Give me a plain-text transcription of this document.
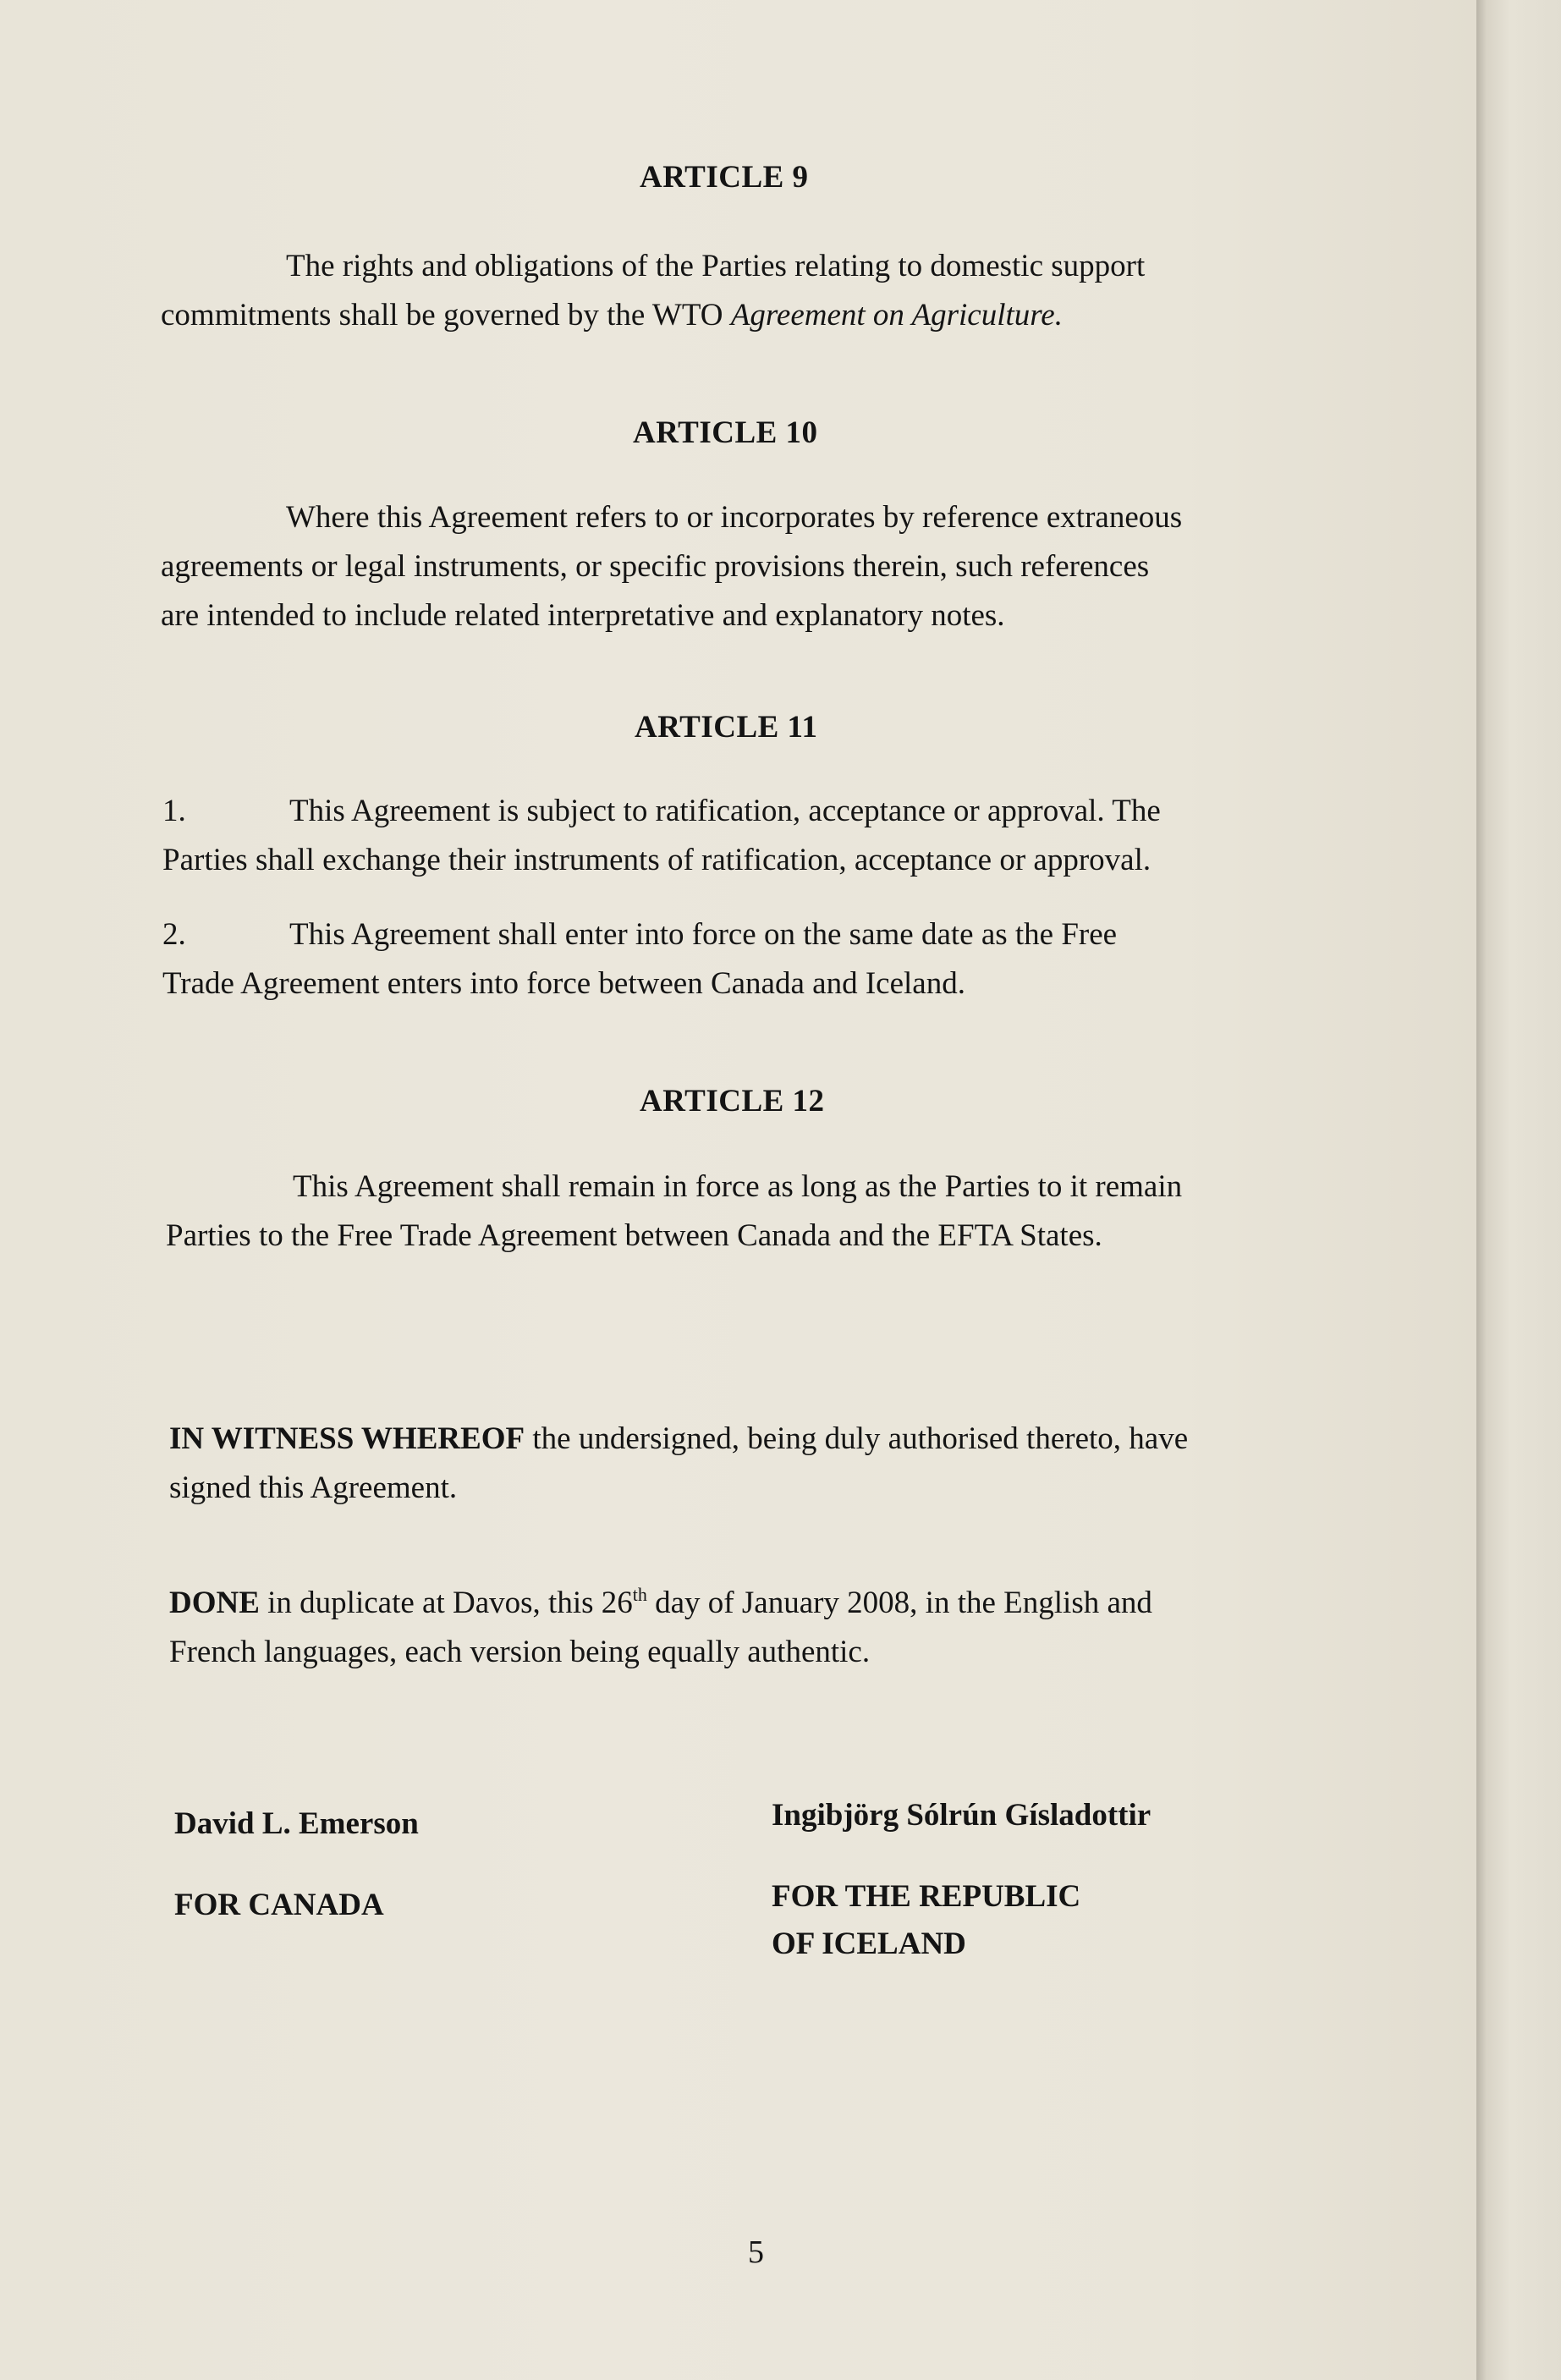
ARTICLE 9
The rights and obligations of the Parties relating to domestic support
commitments shall be governed by the WTO Agreement on Agriculture.
ARTICLE 10
Where this Agreement refers to or incorporates by reference extraneous
agreements or legal instruments, or specific provisions therein, such references
are intended to include related interpretative and explanatory notes.
ARTICLE 11
1.	This Agreement is subject to ratification, acceptance or approval. The
Parties shall exchange their instruments of ratification, acceptance or approval.
2.	This Agreement shall enter into force on the same date as the Free
Trade Agreement enters into force between Canada and Iceland.
ARTICLE 12
This Agreement shall remain in force as long as the Parties to it remain
Parties to the Free Trade Agreement between Canada and the EFTA States.
IN WITNESS WHEREOF the undersigned, being duly authorised thereto, have
signed this Agreement.
DONE in duplicate at Davos, this 26th day of January 2008, in the English and
French languages, each version being equally authentic.
David L. Emerson
FOR CANADA
Ingibjörg Sólrún Gísladottir
FOR THE REPUBLIC
OF ICELAND
5
